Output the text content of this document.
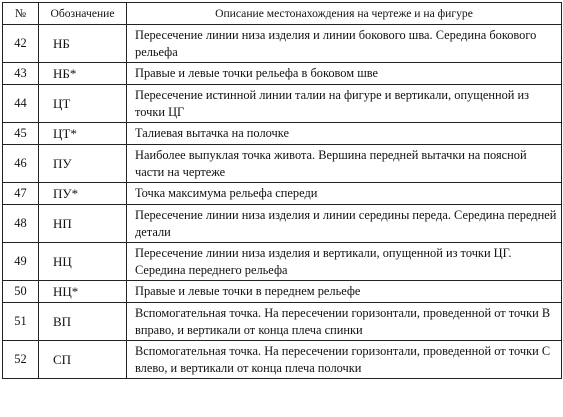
№	Обозначение	Описание местонахождения на чертеже и на фигуре
42	НБ	Пересечение линии низа изделия и линии бокового шва. Середина бокового рельефа
43	НБ*	Правые и левые точки рельефа в боковом шве
44	ЦТ	Пересечение истинной линии талии на фигуре и вертикали, опущенной из точки ЦГ
45	ЦТ*	Талиевая вытачка на полочке
46	ПУ	Наиболее выпуклая точка живота. Вершина передней вытачки на поясной части на чертеже
47	ПУ*	Точка максимума рельефа спереди
48	НП	Пересечение линии низа изделия и линии середины переда. Середина передней детали
49	НЦ	Пересечение линии низа изделия и вертикали, опущенной из точки ЦГ. Середина переднего рельефа
50	НЦ*	Правые и левые точки в переднем рельефе
51	ВП	Вспомогательная точка. На пересечении горизонтали, проведенной от точки В вправо, и вертикали от конца плеча спинки
52	СП	Вспомогательная точка. На пересечении горизонтали, проведенной от точки С влево, и вертикали от конца плеча полочки
